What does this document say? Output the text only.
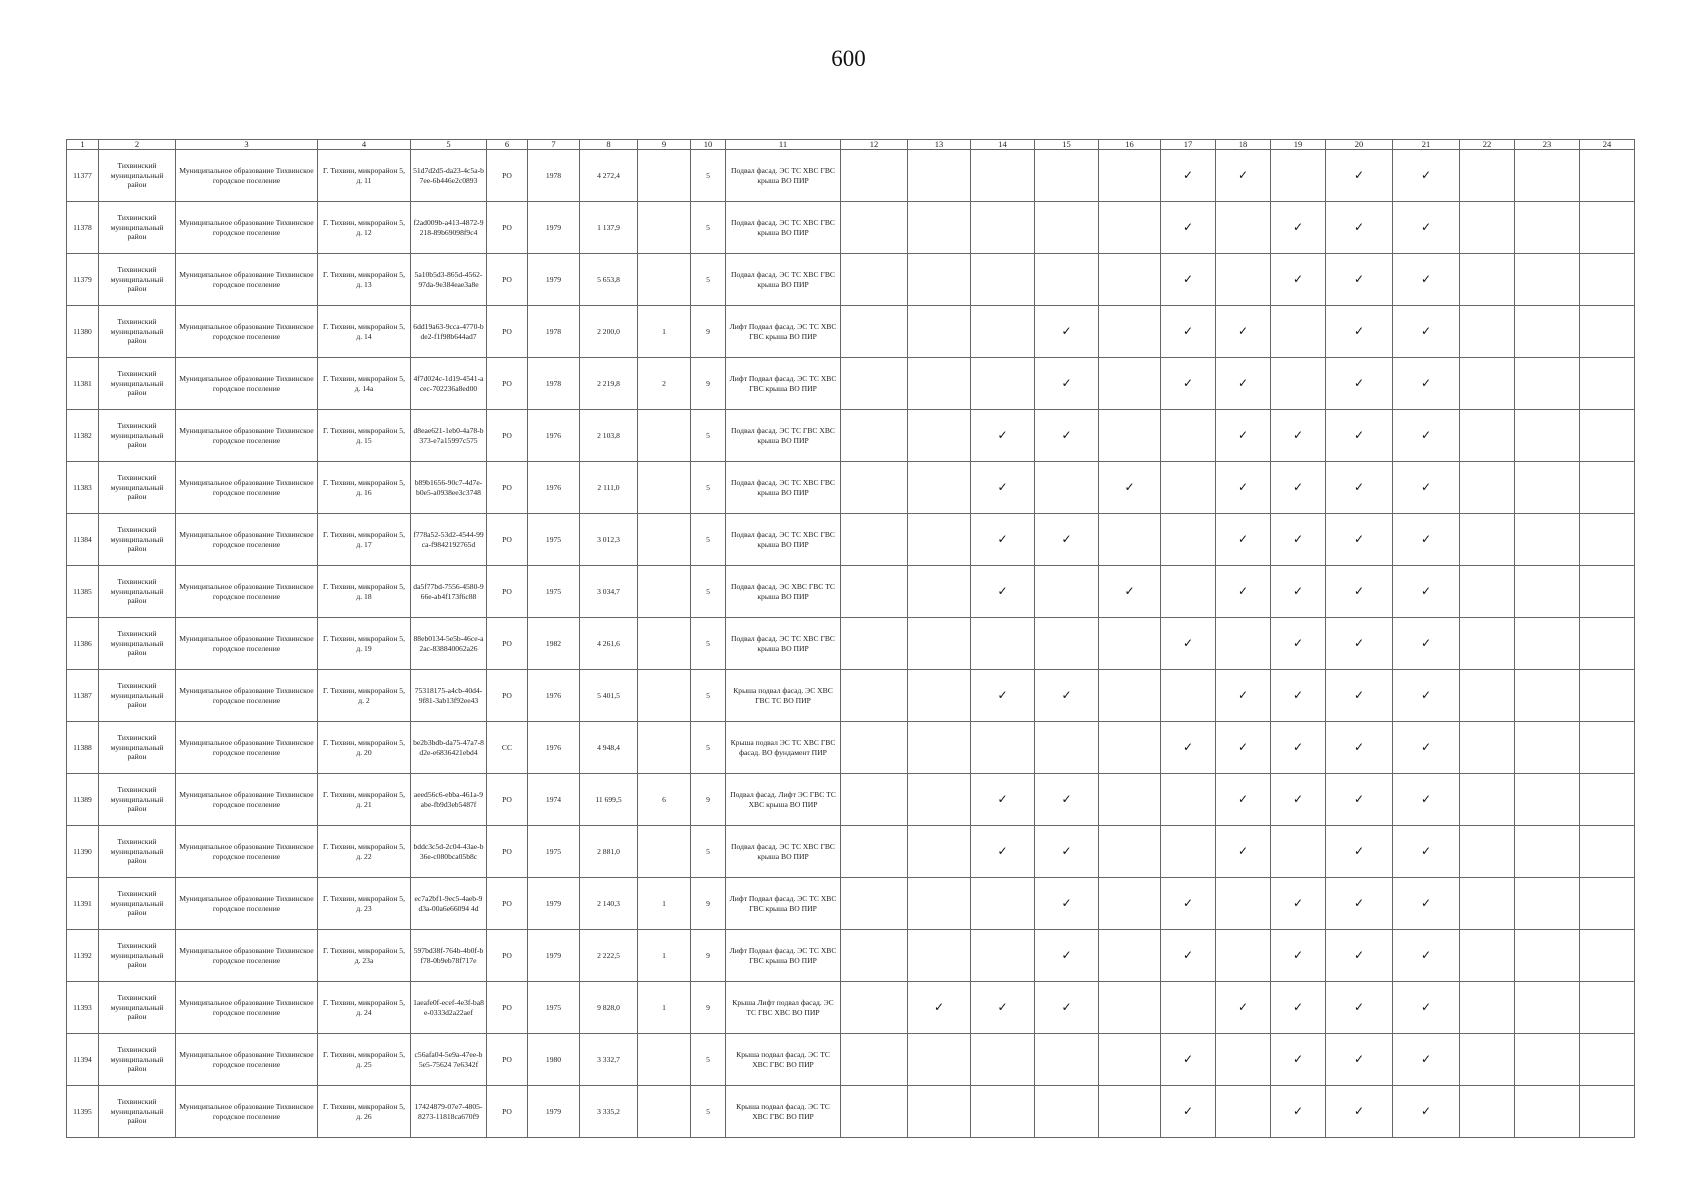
600
1	2	3	4	5	6	7	8	9	10	11	12	13	14	15	16	17	18	19	20	21	22	23	24
11377	Тихвинский муниципальный район	Муниципальное образование Тихвинское городское поселение	Г. Тихвин, микрорайон 5, д. 11	51d7d2d5-da23-4c5a-b7ee-6b446e2c0893	РО	1978	4 272,4		5	Подвал фасад. ЭС ТС ХВС ГВС крыша ВО ПИР						✓	✓		✓	✓			
11378	Тихвинский муниципальный район	Муниципальное образование Тихвинское городское поселение	Г. Тихвин, микрорайон 5, д. 12	f2ad009b-a413-4872-9218-89b69098f9c4	РО	1979	1 137,9		5	Подвал фасад. ЭС ТС ХВС ГВС крыша ВО ПИР						✓		✓	✓	✓			
11379	Тихвинский муниципальный район	Муниципальное образование Тихвинское городское поселение	Г. Тихвин, микрорайон 5, д. 13	5a10b5d3-865d-4562-97da-9e384eae3a8e	РО	1979	5 653,8		5	Подвал фасад. ЭС ТС ХВС ГВС крыша ВО ПИР						✓		✓	✓	✓			
11380	Тихвинский муниципальный район	Муниципальное образование Тихвинское городское поселение	Г. Тихвин, микрорайон 5, д. 14	6dd19a63-9cca-4770-bde2-f1f98b644ad7	РО	1978	2 200,0	1	9	Лифт Подвал фасад. ЭС ТС ХВС ГВС крыша ВО ПИР				✓		✓	✓		✓	✓			
11381	Тихвинский муниципальный район	Муниципальное образование Тихвинское городское поселение	Г. Тихвин, микрорайон 5, д. 14а	4f7d024c-1d19-4541-acec-702236a8ed00	РО	1978	2 219,8	2	9	Лифт Подвал фасад. ЭС ТС ХВС ГВС крыша ВО ПИР				✓		✓	✓		✓	✓			
11382	Тихвинский муниципальный район	Муниципальное образование Тихвинское городское поселение	Г. Тихвин, микрорайон 5, д. 15	d8eae621-1eb0-4a78-b373-e7a15997c575	РО	1976	2 103,8		5	Подвал фасад. ЭС ТС ГВС ХВС крыша ВО ПИР			✓	✓			✓	✓	✓	✓			
11383	Тихвинский муниципальный район	Муниципальное образование Тихвинское городское поселение	Г. Тихвин, микрорайон 5, д. 16	b89b1656-90c7-4d7e-b0e5-a0938ee3c3748	РО	1976	2 111,0		5	Подвал фасад. ЭС ТС ХВС ГВС крыша ВО ПИР			✓		✓		✓	✓	✓	✓			
11384	Тихвинский муниципальный район	Муниципальное образование Тихвинское городское поселение	Г. Тихвин, микрорайон 5, д. 17	f778a52-53d2-4544-99ca-f9842192765d	РО	1975	3 012,3		5	Подвал фасад. ЭС ТС ХВС ГВС крыша ВО ПИР			✓	✓			✓	✓	✓	✓			
11385	Тихвинский муниципальный район	Муниципальное образование Тихвинское городское поселение	Г. Тихвин, микрорайон 5, д. 18	da5f77bd-7556-4580-966e-ab4f173f6c88	РО	1975	3 034,7		5	Подвал фасад. ЭС ХВС ГВС ТС крыша ВО ПИР			✓		✓		✓	✓	✓	✓			
11386	Тихвинский муниципальный район	Муниципальное образование Тихвинское городское поселение	Г. Тихвин, микрорайон 5, д. 19	88eb0134-5e5b-46ce-a2ac-838840062a26	РО	1982	4 261,6		5	Подвал фасад. ЭС ТС ХВС ГВС крыша ВО ПИР						✓		✓	✓	✓			
11387	Тихвинский муниципальный район	Муниципальное образование Тихвинское городское поселение	Г. Тихвин, микрорайон 5, д. 2	75318175-a4cb-40d4-9f81-3ab13f92ee43	РО	1976	5 401,5		5	Крыша подвал фасад. ЭС ХВС ГВС ТС ВО ПИР			✓	✓			✓	✓	✓	✓			
11388	Тихвинский муниципальный район	Муниципальное образование Тихвинское городское поселение	Г. Тихвин, микрорайон 5, д. 20	be2b3bdb-da75-47a7-8d2e-e6836421ebd4	СС	1976	4 948,4		5	Крыша подвал ЭС ТС ХВС ГВС фасад. ВО фундамент ПИР						✓	✓	✓	✓	✓			
11389	Тихвинский муниципальный район	Муниципальное образование Тихвинское городское поселение	Г. Тихвин, микрорайон 5, д. 21	aeed56c6-ebba-461a-9abe-fb9d3eb5487f	РО	1974	11 699,5	6	9	Подвал фасад. Лифт ЭС ГВС ТС ХВС крыша ВО ПИР			✓	✓			✓	✓	✓	✓			
11390	Тихвинский муниципальный район	Муниципальное образование Тихвинское городское поселение	Г. Тихвин, микрорайон 5, д. 22	bddc3c5d-2c04-43ae-b36e-c080bca05b8c	РО	1975	2 881,0		5	Подвал фасад. ЭС ТС ХВС ГВС крыша ВО ПИР			✓	✓			✓		✓	✓			
11391	Тихвинский муниципальный район	Муниципальное образование Тихвинское городское поселение	Г. Тихвин, микрорайон 5, д. 23	ec7a2bf1-9ec5-4aeb-9d3a-00a6e66094 4d	РО	1979	2 140,3	1	9	Лифт Подвал фасад. ЭС ТС ХВС ГВС крыша ВО ПИР				✓		✓		✓	✓	✓			
11392	Тихвинский муниципальный район	Муниципальное образование Тихвинское городское поселение	Г. Тихвин, микрорайон 5, д. 23а	597bd38f-764b-4b0f-bf78-0b9eb78f717e	РО	1979	2 222,5	1	9	Лифт Подвал фасад. ЭС ТС ХВС ГВС крыша ВО ПИР				✓		✓		✓	✓	✓			
11393	Тихвинский муниципальный район	Муниципальное образование Тихвинское городское поселение	Г. Тихвин, микрорайон 5, д. 24	1aeafe0f-ecef-4e3f-ba8e-0333d2a22aef	РО	1975	9 828,0	1	9	Крыша Лифт подвал фасад. ЭС ТС ГВС ХВС ВО ПИР		✓	✓	✓			✓	✓	✓	✓			
11394	Тихвинский муниципальный район	Муниципальное образование Тихвинское городское поселение	Г. Тихвин, микрорайон 5, д. 25	c56afa04-5e9a-47ee-b5e5-75624 7e6342f	РО	1980	3 332,7		5	Крыша подвал фасад. ЭС ТС ХВС ГВС ВО ПИР						✓		✓	✓	✓			
11395	Тихвинский муниципальный район	Муниципальное образование Тихвинское городское поселение	Г. Тихвин, микрорайон 5, д. 26	17424879-07e7-4805-8273-11818ca670f9	РО	1979	3 335,2		5	Крыша подвал фасад. ЭС ТС ХВС ГВС ВО ПИР						✓		✓	✓	✓			
